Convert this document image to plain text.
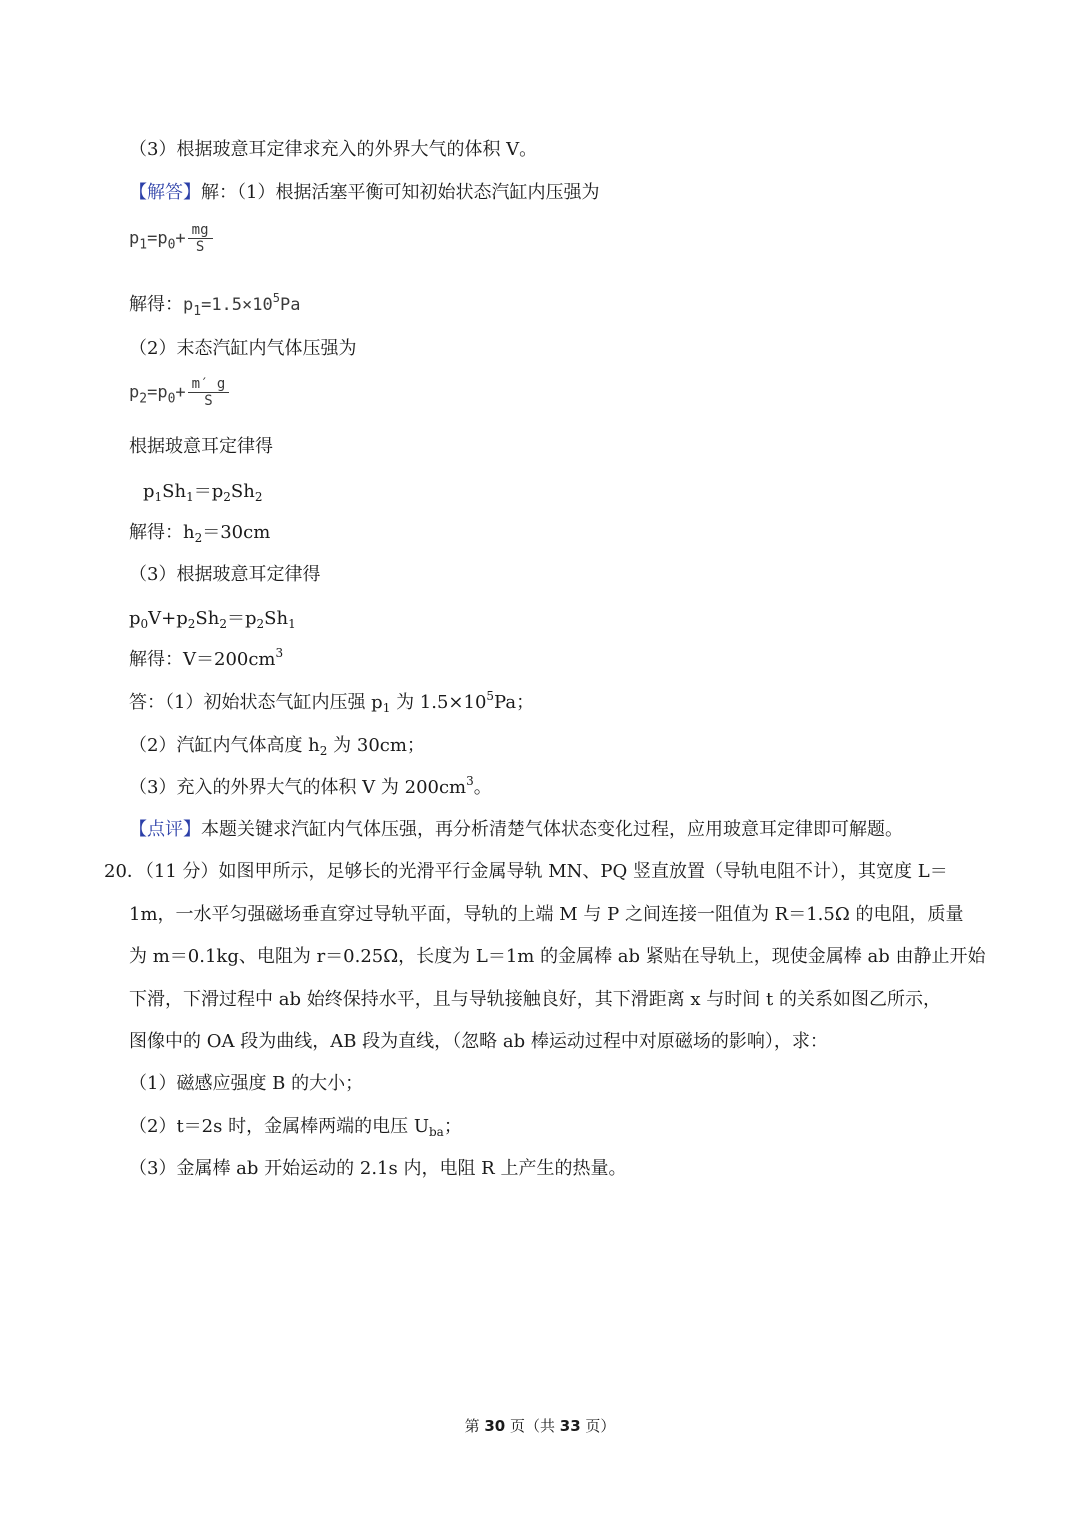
（3）根据玻意耳定律求充入的外界大气的体积 V。
【解答】解：（1）根据活塞平衡可知初始状态汽缸内压强为
$p_1=p_0+ \frac{mg}{S}$
解得：$p_1=1.5\times 10^5Pa$
（2）末态汽缸内气体压强为
$p_2=p_0+ \frac{m' g}{S}$
根据玻意耳定律得
$p_1Sh_1=p_2Sh_2$
解得：$h_2=30cm$
（3）根据玻意耳定律得
$p_0V+p_2Sh_2=p_2Sh_1$
解得：$V=200cm^3$
答：（1）初始状态气缸内压强 $p_1$ 为 $1.5\times 10^5Pa$；
（2）汽缸内气体高度 $h_2$ 为 30cm；
（3）充入的外界大气的体积 V 为 $200cm^3$。
【点评】本题关键求汽缸内气体压强，再分析清楚气体状态变化过程，应用玻意耳定律即可解题。
20．（11 分）如图甲所示，足够长的光滑平行金属导轨 MN、PQ 竖直放置（导轨电阻不计），其宽度 L＝
1m，一水平匀强磁场垂直穿过导轨平面，导轨的上端 M 与 P 之间连接一阻值为 R＝1.5Ω 的电阻，质量
为 m＝0.1kg、电阻为 r＝0.25Ω，长度为 L＝1m 的金属棒 ab 紧贴在导轨上，现使金属棒 ab 由静止开始
下滑，下滑过程中 ab 始终保持水平，且与导轨接触良好，其下滑距离 x 与时间 t 的关系如图乙所示，
图像中的 OA 段为曲线，AB 段为直线，（忽略 ab 棒运动过程中对原磁场的影响），求：
（1）磁感应强度 B 的大小；
（2）t＝2s 时，金属棒两端的电压 $U_{ba}$；
（3）金属棒 ab 开始运动的 2.1s 内，电阻 R 上产生的热量。
第 30 页（共 33 页）
